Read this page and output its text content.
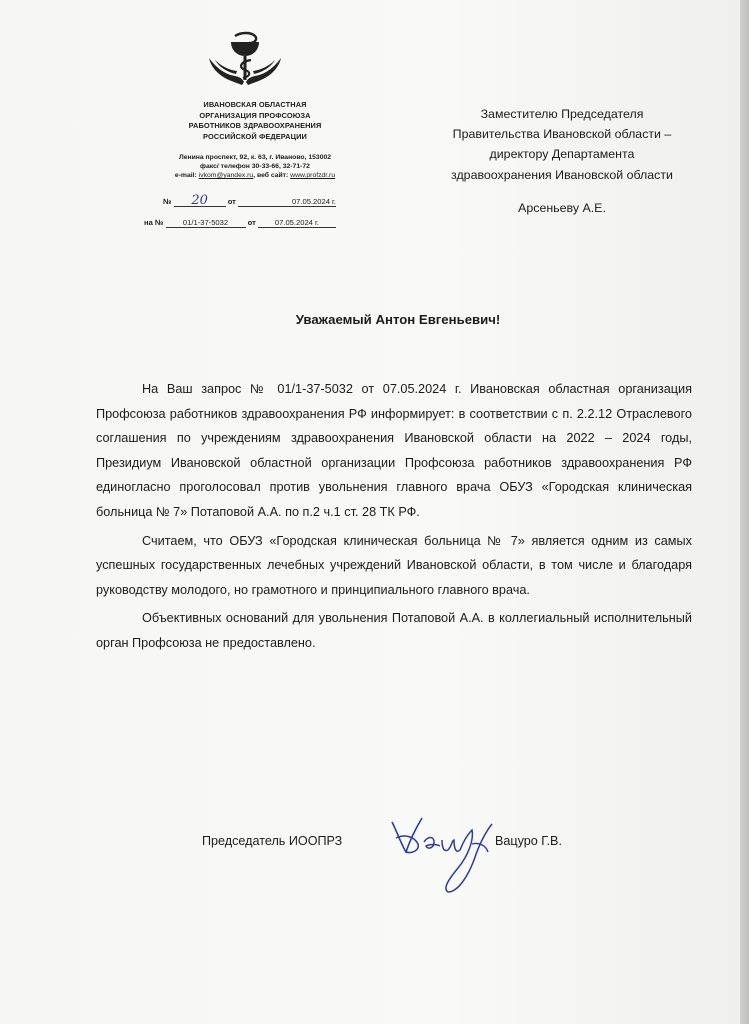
ИВАНОВСКАЯ ОБЛАСТНАЯ
ОРГАНИЗАЦИЯ ПРОФСОЮЗА
РАБОТНИКОВ ЗДРАВООХРАНЕНИЯ
РОССИЙСКОЙ ФЕДЕРАЦИИ
Ленина проспект, 92, к. 63, г. Иваново, 153002
факс/ телефон 30-33-66, 32-71-72
e-mail: ivkom@yandex.ru, веб сайт: www.profzdr.ru
№ 20	от	07.05.2024 г.
на №	01/1-37-5032	от	07.05.2024 г.
Заместителю Председателя
Правительства Ивановской области –
директору Департамента
здравоохранения Ивановской области
Арсеньеву А.Е.
Уважаемый Антон Евгеньевич!

На Ваш запрос № 01/1-37-5032 от 07.05.2024 г. Ивановская областная организация Профсоюза работников здравоохранения РФ информирует: в соответствии с п. 2.2.12 Отраслевого соглашения по учреждениям здравоохранения Ивановской области на 2022 – 2024 годы, Президиум Ивановской областной организации Профсоюза работников здравоохранения РФ единогласно проголосовал против увольнения главного врача ОБУЗ «Городская клиническая больница № 7» Потаповой А.А. по п.2 ч.1 ст. 28 ТК РФ.

Считаем, что ОБУЗ «Городская клиническая больница № 7» является одним из самых успешных государственных лечебных учреждений Ивановской области, в том числе и благодаря руководству молодого, но грамотного и принципиального главного врача.

Объективных оснований для увольнения Потаповой А.А. в коллегиальный исполнительный орган Профсоюза не предоставлено.

Председатель ИООПРЗ	Вацуро Г.В.
